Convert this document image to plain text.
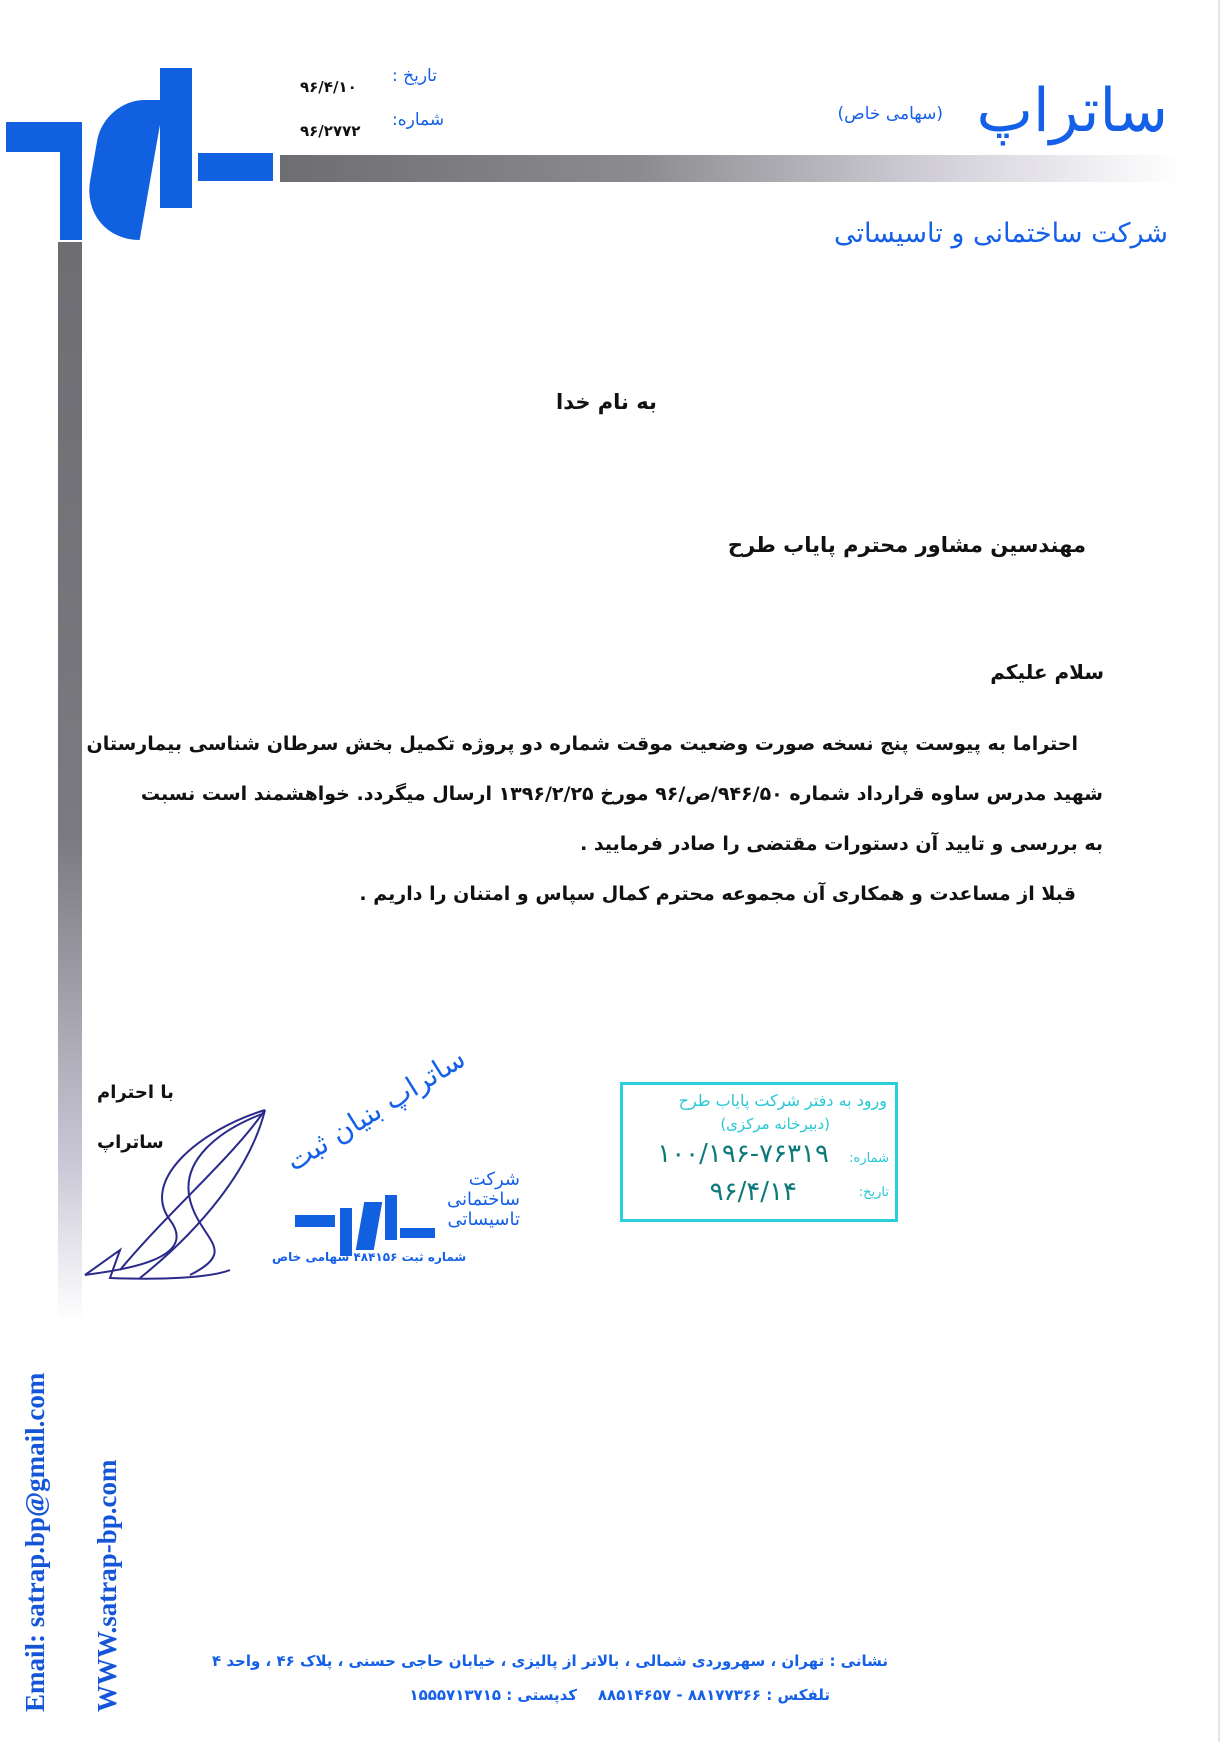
تاریخ :
۹۶/۴/۱۰
شماره:
۹۶/۲۷۷۲	ساتراپ
(سهامی خاص)
شرکت ساختمانی و تاسیساتی
به نام خدا
مهندسین مشاور محترم پایاب طرح
سلام علیکم
احتراما به پیوست پنج نسخه صورت وضعیت موقت شماره دو پروژه تکمیل بخش سرطان شناسی بیمارستان
شهید مدرس ساوه قرارداد شماره ۹۴۶/۵۰/ص/۹۶ مورخ ۱۳۹۶/۲/۲۵ ارسال میگردد. خواهشمند است نسبت
به بررسی و تایید آن دستورات مقتضی را صادر فرمایید .
قبلا از مساعدت و همکاری آن مجموعه محترم کمال سپاس و امتنان را داریم .
با احترام
ساتراپ	ساتراپ بنیان ثبت
شرکت ساختمانی تاسیساتی
شماره ثبت ۴۸۴۱۵۶ سهامی خاص
ورود به دفتر شرکت پایاب طرح
(دبیرخانه مرکزی)
شماره:
۱۰۰/۱۹۶-۷۶۳۱۹
تاریخ:
۹۶/۴/۱۴
Email: satrap.bp@gmail.com WWW.satrap-bp.com	نشانی : تهران ، سهروردی شمالی ، بالاتر از پالیزی ، خیابان حاجی حسنی ، پلاک ۴۶ ، واحد ۴
تلفکس : ۸۸۱۷۷۳۶۶ - ۸۸۵۱۴۶۵۷    کدپستی : ۱۵۵۵۷۱۳۷۱۵
